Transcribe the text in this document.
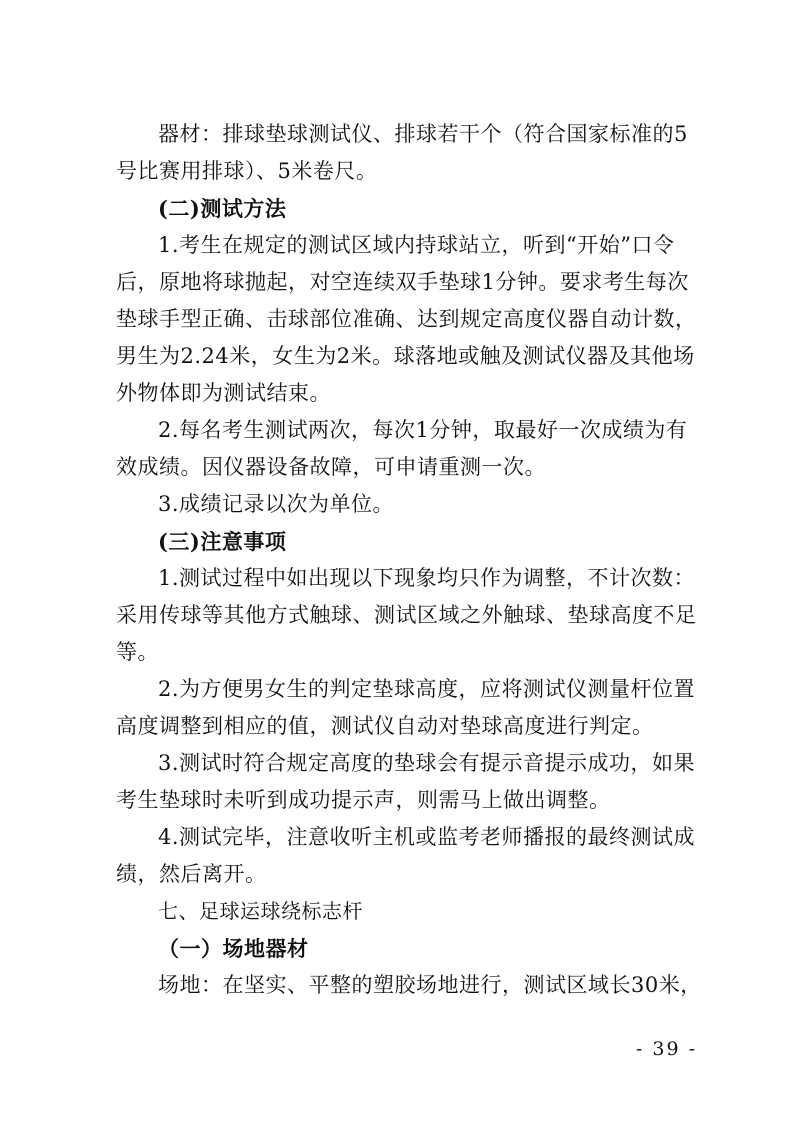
器材：排球垫球测试仪、排球若干个（符合国家标准的5
号比赛用排球）、5米卷尺。
(二)测试方法
1.考生在规定的测试区域内持球站立，听到“开始”口令
后，原地将球抛起，对空连续双手垫球1分钟。要求考生每次
垫球手型正确、击球部位准确、达到规定高度仪器自动计数，
男生为2.24米，女生为2米。球落地或触及测试仪器及其他场
外物体即为测试结束。
2.每名考生测试两次，每次1分钟，取最好一次成绩为有
效成绩。因仪器设备故障，可申请重测一次。
3.成绩记录以次为单位。
(三)注意事项
1.测试过程中如出现以下现象均只作为调整，不计次数：
采用传球等其他方式触球、测试区域之外触球、垫球高度不足
等。
2.为方便男女生的判定垫球高度，应将测试仪测量杆位置
高度调整到相应的值，测试仪自动对垫球高度进行判定。
3.测试时符合规定高度的垫球会有提示音提示成功，如果
考生垫球时未听到成功提示声，则需马上做出调整。
4.测试完毕，注意收听主机或监考老师播报的最终测试成
绩，然后离开。
七、足球运球绕标志杆
（一）场地器材
场地：在坚实、平整的塑胶场地进行，测试区域长30米，
- 39 -
